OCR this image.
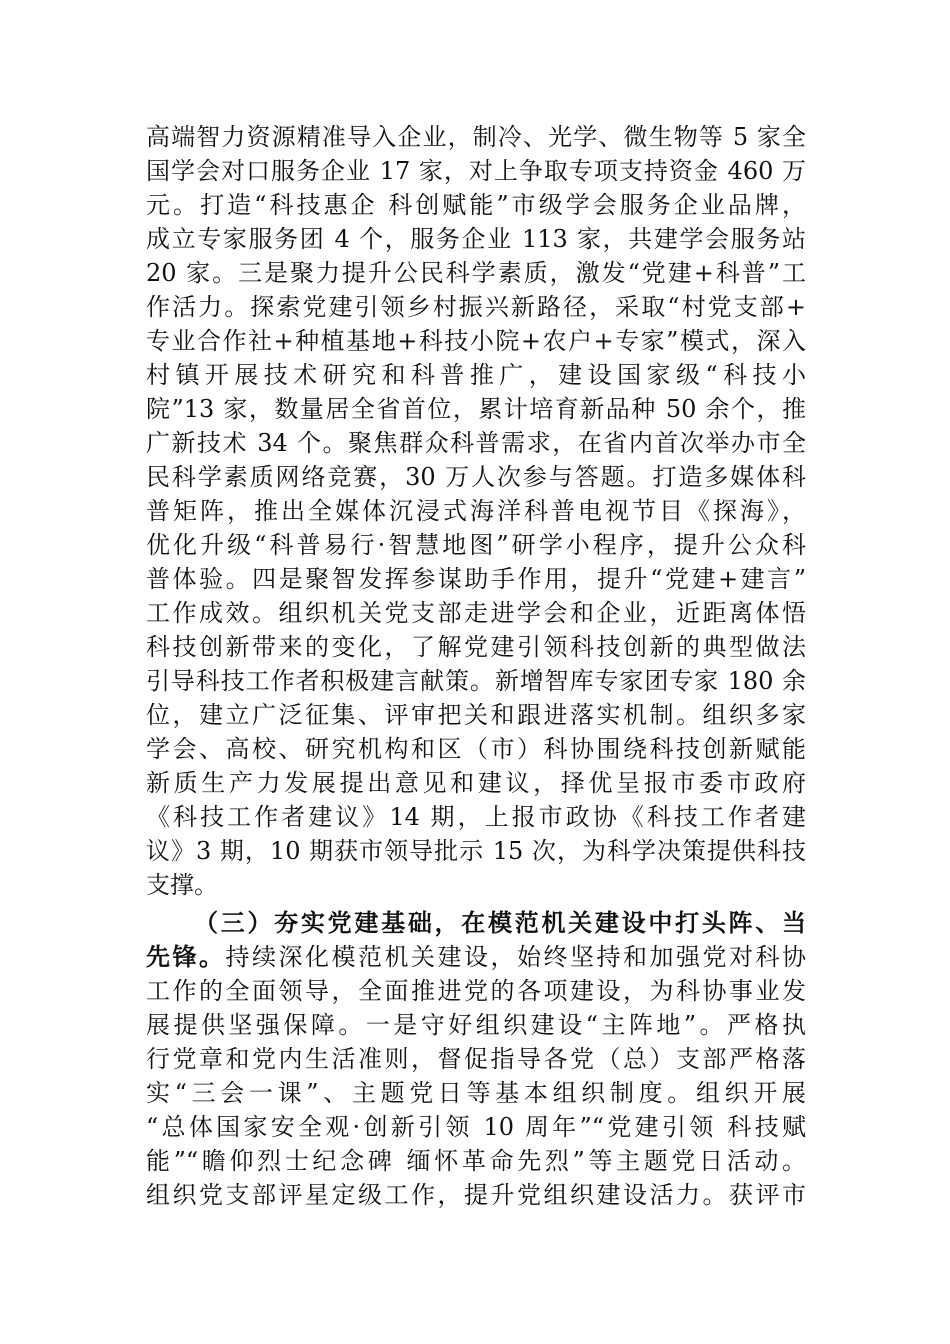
高端智力资源精准导入企业，制冷、光学、微生物等 5 家全
国学会对口服务企业 17 家，对上争取专项支持资金 460 万
元。打造“科技惠企 科创赋能”市级学会服务企业品牌，
成立专家服务团 4 个，服务企业 113 家，共建学会服务站
20 家。三是聚力提升公民科学素质，激发“党建+科普”工
作活力。探索党建引领乡村振兴新路径，采取“村党支部+
专业合作社+种植基地+科技小院+农户+专家”模式，深入
村镇开展技术研究和科普推广，建设国家级“科技小
院”13 家，数量居全省首位，累计培育新品种 50 余个，推
广新技术 34 个。聚焦群众科普需求，在省内首次举办市全
民科学素质网络竞赛，30 万人次参与答题。打造多媒体科
普矩阵，推出全媒体沉浸式海洋科普电视节目《探海》，
优化升级“科普易行·智慧地图”研学小程序，提升公众科
普体验。四是聚智发挥参谋助手作用，提升“党建+建言”
工作成效。组织机关党支部走进学会和企业，近距离体悟
科技创新带来的变化，了解党建引领科技创新的典型做法
引导科技工作者积极建言献策。新增智库专家团专家 180 余
位，建立广泛征集、评审把关和跟进落实机制。组织多家
学会、高校、研究机构和区（市）科协围绕科技创新赋能
新质生产力发展提出意见和建议，择优呈报市委市政府
《科技工作者建议》14 期，上报市政协《科技工作者建
议》3 期，10 期获市领导批示 15 次，为科学决策提供科技
支撑。
（三）夯实党建基础，在模范机关建设中打头阵、当
先锋。持续深化模范机关建设，始终坚持和加强党对科协
工作的全面领导，全面推进党的各项建设，为科协事业发
展提供坚强保障。一是守好组织建设“主阵地”。严格执
行党章和党内生活准则，督促指导各党（总）支部严格落
实“三会一课”、主题党日等基本组织制度。组织开展
“总体国家安全观·创新引领 10 周年”“党建引领 科技赋
能”“瞻仰烈士纪念碑 缅怀革命先烈”等主题党日活动。
组织党支部评星定级工作，提升党组织建设活力。获评市
